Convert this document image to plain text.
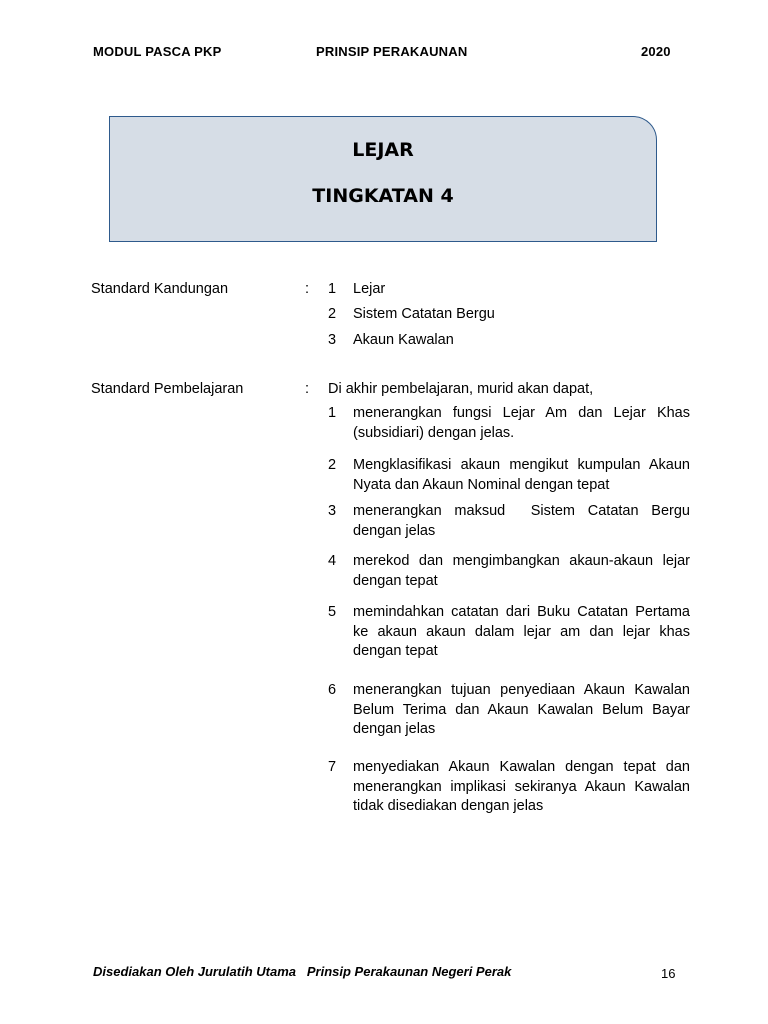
MODUL PASCA PKP	PRINSIP PERAKAUNAN	2020
LEJAR
TINGKATAN 4
Standard Kandungan	: 1 Lejar
2 Sistem Catatan Bergu
3 Akaun Kawalan
Standard Pembelajaran	: Di akhir pembelajaran, murid akan dapat,
1 menerangkan fungsi Lejar Am dan Lejar Khas (subsidiari) dengan jelas.
2 Mengklasifikasi akaun mengikut kumpulan Akaun Nyata dan Akaun Nominal dengan tepat
3 menerangkan maksud  Sistem Catatan Bergu dengan jelas
4 merekod dan mengimbangkan akaun-akaun lejar dengan tepat
5 memindahkan catatan dari Buku Catatan Pertama ke akaun akaun dalam lejar am dan lejar khas dengan tepat
6 menerangkan tujuan penyediaan Akaun Kawalan Belum Terima dan Akaun Kawalan Belum Bayar dengan jelas
7 menyediakan Akaun Kawalan dengan tepat dan menerangkan implikasi sekiranya Akaun Kawalan tidak disediakan dengan jelas
Disediakan Oleh Jurulatih Utama Prinsip Perakaunan Negeri Perak	16
